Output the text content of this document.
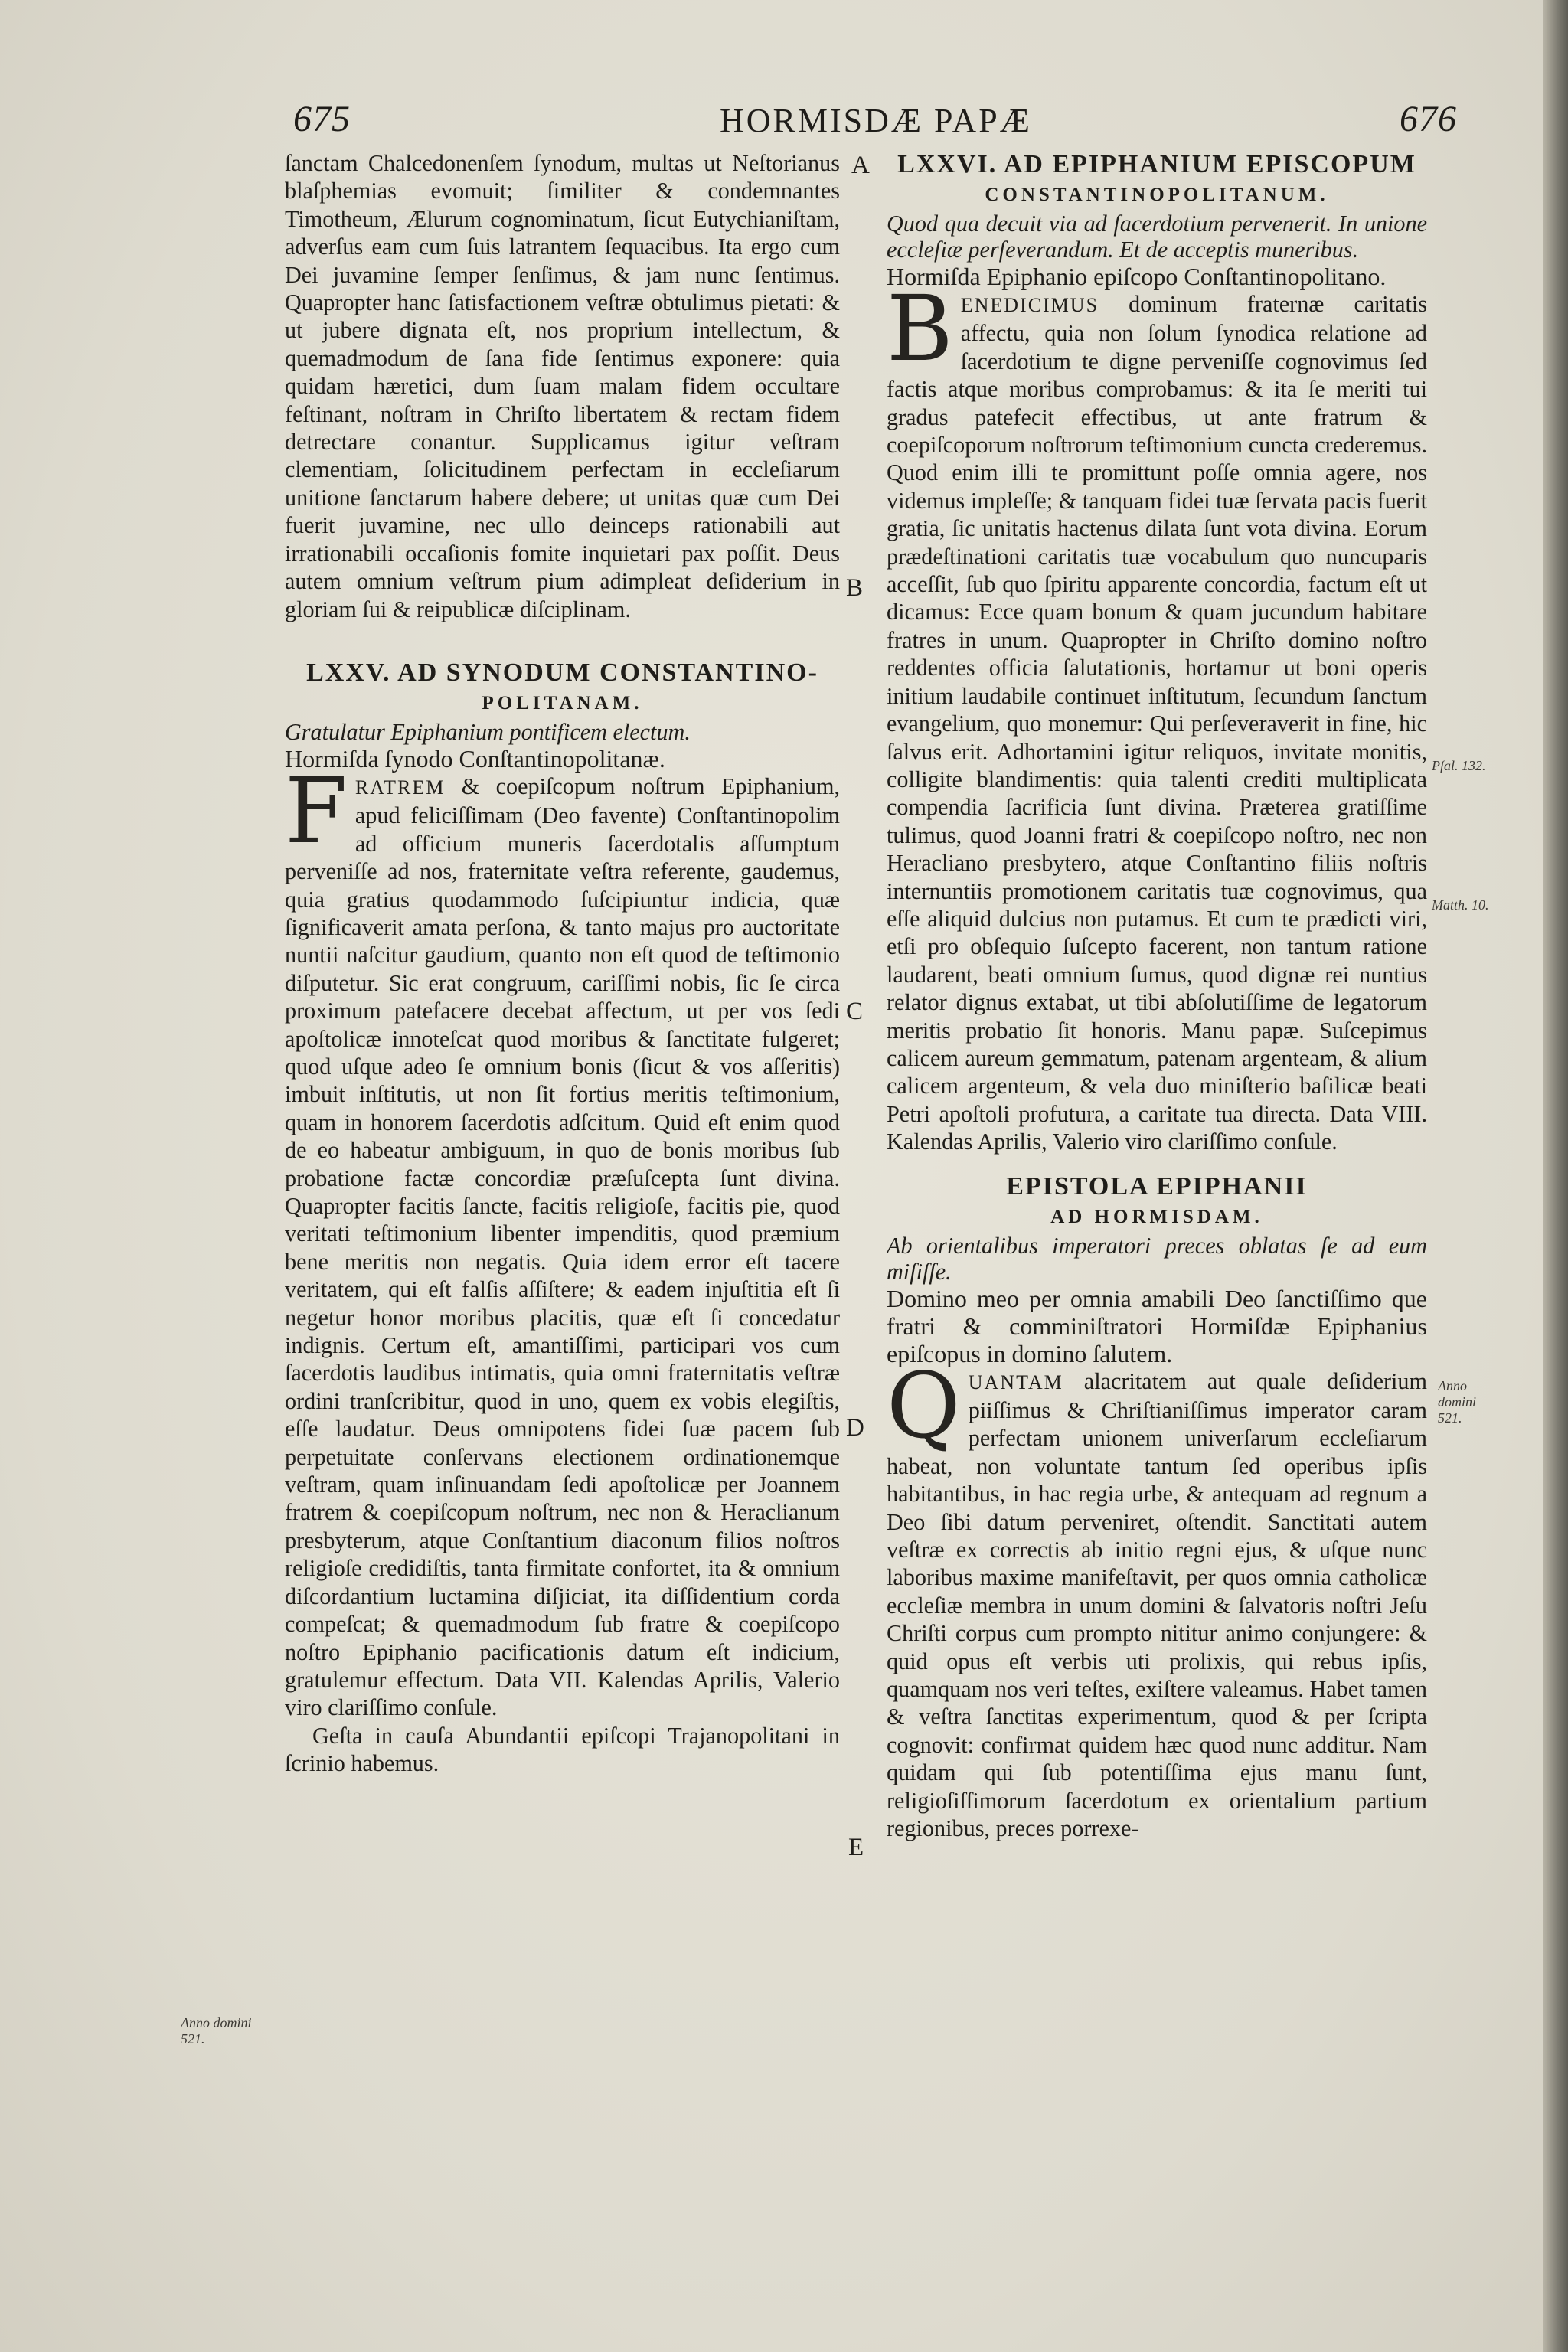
675	HORMISDÆ PAPÆ	676

ſanctam Chalcedonenſem ſynodum, multas ut Neſtorianus blaſphemias evomuit; ſimiliter & condemnantes Timotheum, Ælurum cognominatum, ſicut Eutychianiſtam, adverſus eam cum ſuis latrantem ſequacibus. Ita ergo cum Dei juvamine ſemper ſenſimus, & jam nunc ſentimus. Quapropter hanc ſatisfactionem veſtræ obtulimus pietati: & ut jubere dignata eſt, nos proprium intellectum, & quemadmodum de ſana fide ſentimus exponere: quia quidam hæretici, dum ſuam malam fidem occultare feſtinant, noſtram in Chriſto libertatem & rectam fidem detrectare conantur. Supplicamus igitur veſtram clementiam, ſolicitudinem perfectam in eccleſiarum unitione ſanctarum habere debere; ut unitas quæ cum Dei fuerit juvamine, nec ullo deinceps rationabili aut irrationabili occaſionis fomite inquietari pax poſſit. Deus autem omnium veſtrum pium adimpleat deſiderium in gloriam ſui & reipublicæ diſciplinam.

LXXV. AD SYNODUM CONSTANTINO-
POLITANAM.

Gratulatur Epiphanium pontificem electum.

Hormiſda ſynodo Conſtantinopolitanæ.

FRATREM & coepiſcopum noſtrum Epiphanium, apud feliciſſimam (Deo favente) Conſtantinopolim ad officium muneris ſacerdotalis aſſumptum perveniſſe ad nos, fraternitate veſtra referente, gaudemus, quia gratius quodammodo ſuſcipiuntur indicia, quæ ſignificaverit amata perſona, & tanto majus pro auctoritate nuntii naſcitur gaudium, quanto non eſt quod de teſtimonio diſputetur. Sic erat congruum, cariſſimi nobis, ſic ſe circa proximum patefacere decebat affectum, ut per vos ſedi apoſtolicæ innoteſcat quod moribus & ſanctitate fulgeret; quod uſque adeo ſe omnium bonis (ſicut & vos aſſeritis) imbuit inſtitutis, ut non ſit fortius meritis teſtimonium, quam in honorem ſacerdotis adſcitum. Quid eſt enim quod de eo habeatur ambiguum, in quo de bonis moribus ſub probatione factæ concordiæ præſuſcepta ſunt divina. Quapropter facitis ſancte, facitis religioſe, facitis pie, quod veritati teſtimonium libenter impenditis, quod præmium bene meritis non negatis. Quia idem error eſt tacere veritatem, qui eſt falſis aſſiſtere; & eadem injuſtitia eſt ſi negetur honor moribus placitis, quæ eſt ſi concedatur indignis. Certum eſt, amantiſſimi, participari vos cum ſacerdotis laudibus intimatis, quia omni fraternitatis veſtræ ordini tranſcribitur, quod in uno, quem ex vobis elegiſtis, eſſe laudatur. Deus omnipotens fidei ſuæ pacem ſub perpetuitate conſervans electionem ordinationemque veſtram, quam inſinuandam ſedi apoſtolicæ per Joannem fratrem & coepiſcopum noſtrum, nec non & Heraclianum presbyterum, atque Conſtantium diaconum filios noſtros religioſe credidiſtis, tanta firmitate confortet, ita & omnium diſcordantium luctamina diſjiciat, ita diſſidentium corda compeſcat; & quemadmodum ſub fratre & coepiſcopo noſtro Epiphanio pacificationis datum eſt indicium, gratulemur effectum. Data VII. Kalendas Aprilis, Valerio viro clariſſimo conſule.

Geſta in cauſa Abundantii epiſcopi Trajanopolitani in ſcrinio habemus.

LXXVI. AD EPIPHANIUM EPISCOPUM
CONSTANTINOPOLITANUM.

Quod qua decuit via ad ſacerdotium pervenerit. In unione eccleſiæ perſeverandum. Et de acceptis muneribus.

Hormiſda Epiphanio epiſcopo Conſtantinopolitano.

BENEDICIMUS dominum fraternæ caritatis affectu, quia non ſolum ſynodica relatione ad ſacerdotium te digne perveniſſe cognovimus ſed factis atque moribus comprobamus: & ita ſe meriti tui gradus patefecit effectibus, ut ante fratrum & coepiſcoporum noſtrorum teſtimonium cuncta crederemus. Quod enim illi te promittunt poſſe omnia agere, nos videmus impleſſe; & tanquam fidei tuæ ſervata pacis fuerit gratia, ſic unitatis hactenus dilata ſunt vota divina. Eorum prædeſtinationi caritatis tuæ vocabulum quo nuncuparis acceſſit, ſub quo ſpiritu apparente concordia, factum eſt ut dicamus: Ecce quam bonum & quam jucundum habitare fratres in unum. Quapropter in Chriſto domino noſtro reddentes officia ſalutationis, hortamur ut boni operis initium laudabile continuet inſtitutum, ſecundum ſanctum evangelium, quo monemur: Qui perſeveraverit in fine, hic ſalvus erit. Adhortamini igitur reliquos, invitate monitis, colligite blandimentis: quia talenti crediti multiplicata compendia ſacrificia ſunt divina. Præterea gratiſſime tulimus, quod Joanni fratri & coepiſcopo noſtro, nec non Heracliano presbytero, atque Conſtantino filiis noſtris internuntiis promotionem caritatis tuæ cognovimus, qua eſſe aliquid dulcius non putamus. Et cum te prædicti viri, etſi pro obſequio ſuſcepto facerent, non tantum ratione laudarent, beati omnium ſumus, quod dignæ rei nuntius relator dignus extabat, ut tibi abſolutiſſime de legatorum meritis probatio ſit honoris. Manu papæ. Suſcepimus calicem aureum gemmatum, patenam argenteam, & alium calicem argenteum, & vela duo miniſterio baſilicæ beati Petri apoſtoli profutura, a caritate tua directa. Data VIII. Kalendas Aprilis, Valerio viro clariſſimo conſule.

EPISTOLA EPIPHANII
AD HORMISDAM.

Ab orientalibus imperatori preces oblatas ſe ad eum miſiſſe.

Domino meo per omnia amabili Deo ſanctiſſimo que fratri & comminiſtratori Hormiſdæ Epiphanius epiſcopus in domino ſalutem.

QUANTAM alacritatem aut quale deſiderium piiſſimus & Chriſtianiſſimus imperator caram perfectam unionem univerſarum eccleſiarum habeat, non voluntate tantum ſed operibus ipſis habitantibus, in hac regia urbe, & antequam ad regnum a Deo ſibi datum perveniret, oſtendit. Sanctitati autem veſtræ ex correctis ab initio regni ejus, & uſque nunc laboribus maxime manifeſtavit, per quos omnia catholicæ eccleſiæ membra in unum domini & ſalvatoris noſtri Jeſu Chriſti corpus cum prompto nititur animo conjungere: & quid opus eſt verbis uti prolixis, qui rebus ipſis, quamquam nos veri teſtes, exiſtere valeamus. Habet tamen & veſtra ſanctitas experimentum, quod & per ſcripta cognovit: confirmat quidem hæc quod nunc additur. Nam quidam qui ſub potentiſſima ejus manu ſunt, religioſiſſimorum ſacerdotum ex orientalium partium regionibus, preces porrexe-

A
B
C
D
E
Anno domini 521.
Pſal. 132.
Matth. 10.
Anno domini 521.
